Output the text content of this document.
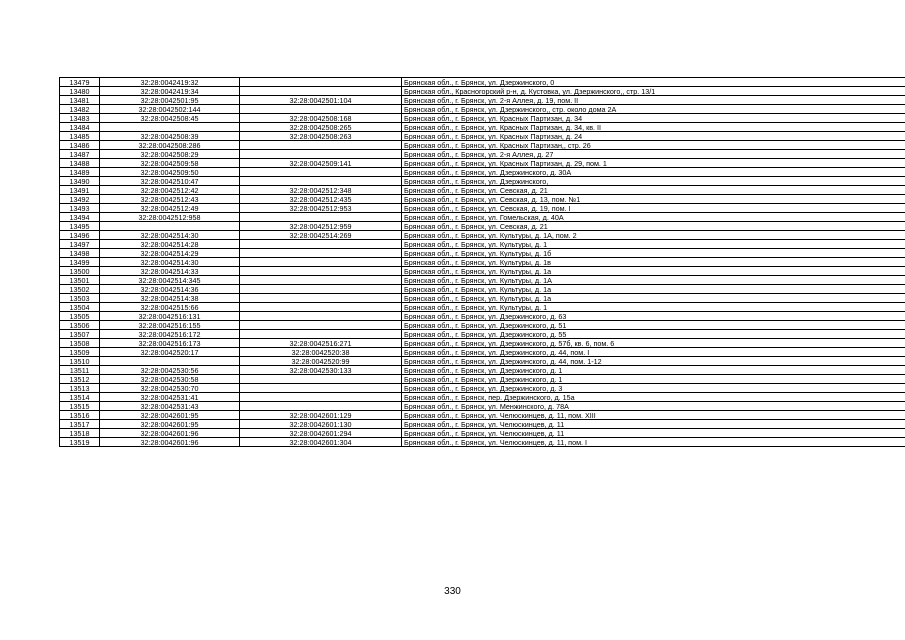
13479	32:28:0042419:32		Брянская обл., г. Брянск, ул. Дзержинского, 0
13480	32:28:0042419:34		Брянская обл., Красногорский р-н, д. Кустовка, ул. Дзержинского,, стр. 13/1
13481	32:28:0042501:95	32:28:0042501:104	Брянская обл., г. Брянск, ул. 2-я Аллея, д. 19, пом. II
13482	32:28:0042502:144		Брянская обл., г. Брянск, ул. Дзержинского,, стр. около дома 2А
13483	32:28:0042508:45	32:28:0042508:168	Брянская обл., г. Брянск, ул. Красных Партизан, д. 34
13484		32:28:0042508:265	Брянская обл., г. Брянск, ул. Красных Партизан, д. 34, кв. II
13485	32:28:0042508:39	32:28:0042508:263	Брянская обл., г. Брянск, ул. Красных Партизан, д. 24
13486	32:28:0042508:286		Брянская обл., г. Брянск, ул. Красных Партизан,, стр. 26
13487	32:28:0042508:29		Брянская обл., г. Брянск, ул. 2-я Аллея, д. 27
13488	32:28:0042509:58	32:28:0042509:141	Брянская обл., г. Брянск, ул. Красных Партизан, д. 29, пом. 1
13489	32:28:0042509:50		Брянская обл., г. Брянск, ул. Дзержинского, д. 30А
13490	32:28:0042510:47		Брянская обл., г. Брянск, ул. Дзержинского,
13491	32:28:0042512:42	32:28:0042512:348	Брянская обл., г. Брянск, ул. Севская, д. 21
13492	32:28:0042512:43	32:28:0042512:435	Брянская обл., г. Брянск, ул. Севская, д. 13, пом. №1
13493	32:28:0042512:49	32:28:0042512:953	Брянская обл., г. Брянск, ул. Севская, д. 19, пом. I
13494	32:28:0042512:958		Брянская обл., г. Брянск, ул. Гомельская, д. 40А
13495		32:28:0042512:959	Брянская обл., г. Брянск, ул. Севская, д. 21
13496	32:28:0042514:30	32:28:0042514:269	Брянская обл., г. Брянск, ул. Культуры, д. 1А, пом. 2
13497	32:28:0042514:28		Брянская обл., г. Брянск, ул. Культуры, д. 1
13498	32:28:0042514:29		Брянская обл., г. Брянск, ул. Культуры, д. 1б
13499	32:28:0042514:30		Брянская обл., г. Брянск, ул. Культуры, д. 1в
13500	32:28:0042514:33		Брянская обл., г. Брянск, ул. Культуры, д. 1а
13501	32:28:0042514:345		Брянская обл., г. Брянск, ул. Культуры, д. 1А
13502	32:28:0042514:36		Брянская обл., г. Брянск, ул. Культуры, д. 1а
13503	32:28:0042514:38		Брянская обл., г. Брянск, ул. Культуры, д. 1а
13504	32:28:0042515:66		Брянская обл., г. Брянск, ул. Культуры, д. 1
13505	32:28:0042516:131		Брянская обл., г. Брянск, ул. Дзержинского, д. 63
13506	32:28:0042516:155		Брянская обл., г. Брянск, ул. Дзержинского, д. 51
13507	32:28:0042516:172		Брянская обл., г. Брянск, ул. Дзержинского, д. 55
13508	32:28:0042516:173	32:28:0042516:271	Брянская обл., г. Брянск, ул. Дзержинского, д. 57б, кв. 6, пом. 6
13509	32:28:0042520:17	32:28:0042520:38	Брянская обл., г. Брянск, ул. Дзержинского, д. 44, пом. I
13510		32:28:0042520:99	Брянская обл., г. Брянск, ул. Дзержинского, д. 44, пом. 1-12
13511	32:28:0042530:56	32:28:0042530:133	Брянская обл., г. Брянск, ул. Дзержинского, д. 1
13512	32:28:0042530:58		Брянская обл., г. Брянск, ул. Дзержинского, д. 1
13513	32:28:0042530:70		Брянская обл., г. Брянск, ул. Дзержинского, д. 3
13514	32:28:0042531:41		Брянская обл., г. Брянск, пер. Дзержинского, д. 15а
13515	32:28:0042531:43		Брянская обл., г. Брянск, ул. Менжинского, д. 78А
13516	32:28:0042601:95	32:28:0042601:129	Брянская обл., г. Брянск, ул. Челюскинцев, д. 11, пом. XIII
13517	32:28:0042601:95	32:28:0042601:130	Брянская обл., г. Брянск, ул. Челюскинцев, д. 11
13518	32:28:0042601:96	32:28:0042601:294	Брянская обл., г. Брянск, ул. Челюскинцев, д. 11
13519	32:28:0042601:96	32:28:0042601:304	Брянская обл., г. Брянск, ул. Челюскинцев, д. 11, пом. I
330
